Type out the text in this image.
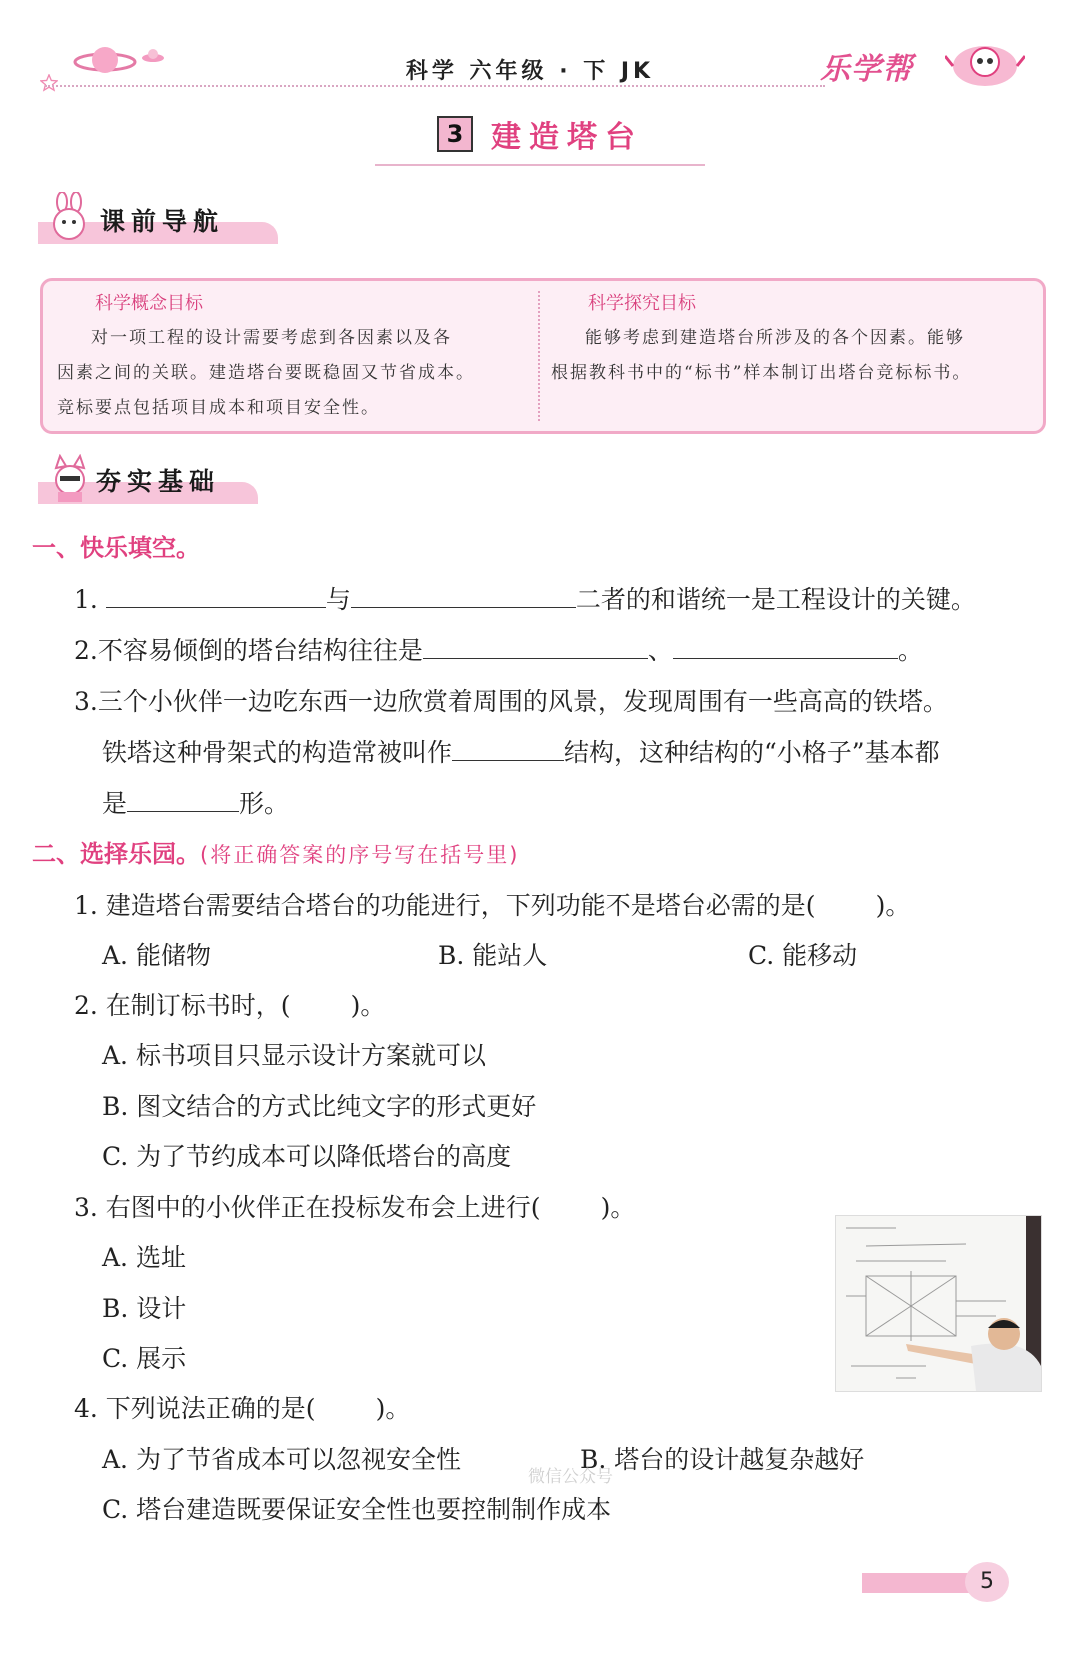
科学 六年级 · 下 JK	乐学帮
3 建造塔台
课前导航
科学概念目标
对一项工程的设计需要考虑到各因素以及各
因素之间的关联。建造塔台要既稳固又节省成本。
竞标要点包括项目成本和项目安全性。
科学探究目标
能够考虑到建造塔台所涉及的各个因素。能够
根据教科书中的“标书”样本制订出塔台竞标标书。
夯实基础
一、快乐填空。
1.	与	二者的和谐统一是工程设计的关键。
2.不容易倾倒的塔台结构往往是	、	。
3.三个小伙伴一边吃东西一边欣赏着周围的风景，发现周围有一些高高的铁塔。
铁塔这种骨架式的构造常被叫作	结构，这种结构的“小格子”基本都
是	形。
二、选择乐园。(将正确答案的序号写在括号里)
1. 建造塔台需要结合塔台的功能进行，下列功能不是塔台必需的是( )。
A. 能储物	B. 能站人	C. 能移动
2. 在制订标书时，( )。
A. 标书项目只显示设计方案就可以
B. 图文结合的方式比纯文字的形式更好
C. 为了节约成本可以降低塔台的高度
3. 右图中的小伙伴正在投标发布会上进行( )。
A. 选址
B. 设计
C. 展示
4. 下列说法正确的是( )。
A. 为了节省成本可以忽视安全性	B. 塔台的设计越复杂越好
C. 塔台建造既要保证安全性也要控制制作成本
微信公众号
5
